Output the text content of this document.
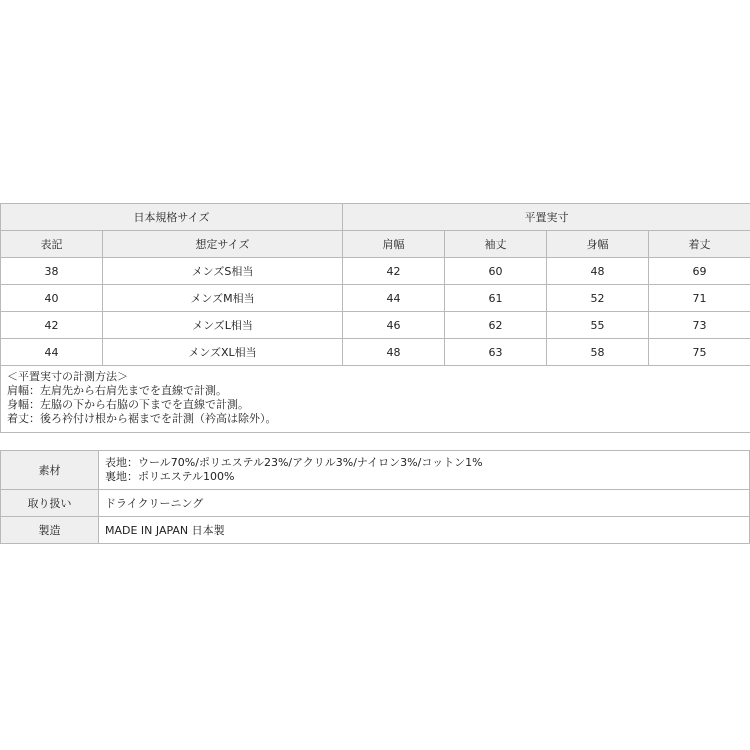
日本規格サイズ		平置実寸			
表記	想定サイズ	肩幅	袖丈	身幅	着丈
38	メンズS相当	42	60	48	69
40	メンズM相当	44	61	52	71
42	メンズL相当	46	62	55	73
44	メンズXL相当	48	63	58	75

＜平置実寸の計測方法＞
肩幅：左肩先から右肩先までを直線で計測。
身幅：左脇の下から右脇の下までを直線で計測。
着丈：後ろ衿付け根から裾までを計測（衿高は除外）。					
素材	表地：ウール70%/ポリエステル23%/アクリル3%/ナイロン3%/コットン1%
裏地：ポリエステル100%

取り扱い	ドライクリーニング
製造	MADE IN JAPAN 日本製
